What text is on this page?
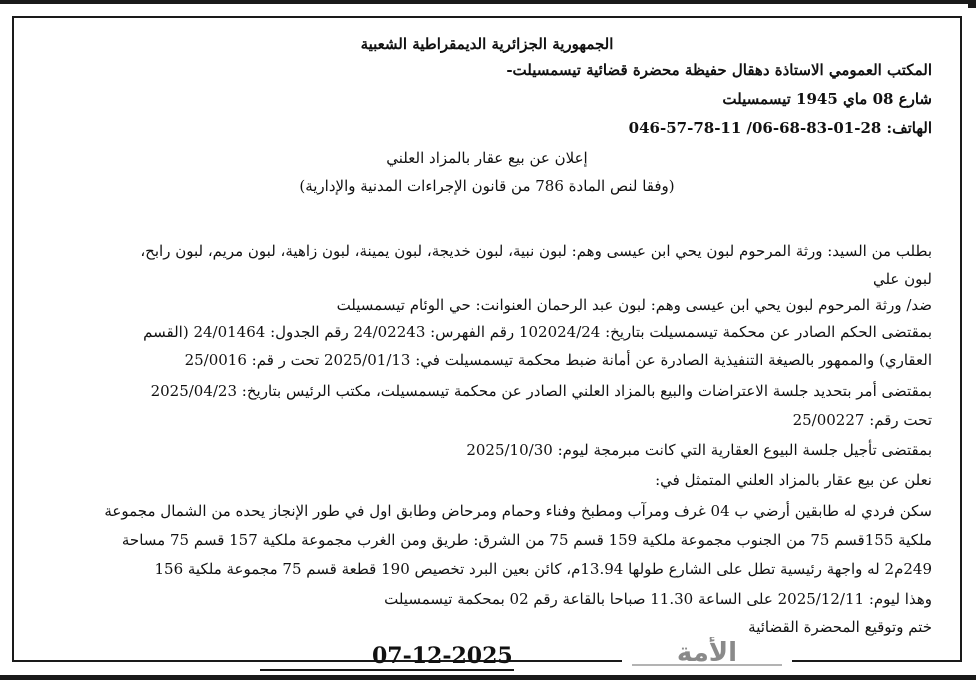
الجمهورية الجزائرية الديمقراطية الشعبية
المكتب العمومي الاستاذة دهقال حفيظة محضرة قضائية تيسمسيلت-
شارع 08 ماي 1945 تيسمسيلت
الهاتف: 28-01-83-68-06/ 11-78-57-046
إعلان عن بيع عقار بالمزاد العلني
(وفقا لنص المادة 786 من قانون الإجراءات المدنية والإدارية)
بطلب من السيد: ورثة المرحوم لبون يحي ابن عيسى وهم: لبون نبية، لبون خديجة، لبون يمينة، لبون زاهية، لبون مريم، لبون رابح،
لبون علي
ضد/ ورثة المرحوم لبون يحي ابن عيسى وهم: لبون عبد الرحمان العنوانت: حي الوئام تيسمسيلت
بمقتضى الحكم الصادر عن محكمة تيسمسيلت بتاريخ: 102024/24 رقم الفهرس: 24/02243 رقم الجدول: 24/01464 (القسم
العقاري) والممهور بالصيغة التنفيذية الصادرة عن أمانة ضبط محكمة تيسمسيلت في: 2025/01/13 تحت ر قم: 25/0016
بمقتضى أمر بتحديد جلسة الاعتراضات والبيع بالمزاد العلني الصادر عن محكمة تيسمسيلت، مكتب الرئيس بتاريخ: 2025/04/23
تحت رقم: 25/00227
بمقتضى تأجيل جلسة البيوع العقارية التي كانت مبرمجة ليوم: 2025/10/30
نعلن عن بيع عقار بالمزاد العلني المتمثل في:
سكن فردي له طابقين أرضي ب 04 غرف ومرآب ومطبخ وفناء وحمام ومرحاض وطابق اول في طور الإنجاز يحده من الشمال مجموعة
ملكية 155قسم 75 من الجنوب مجموعة ملكية 159 قسم 75 من الشرق: طريق ومن الغرب مجموعة ملكية 157 قسم 75 مساحة
249م2 له واجهة رئيسية تطل على الشارع طولها 13.94م، كائن بعين البرد تخصيص 190 قطعة قسم 75 مجموعة ملكية 156
وهذا ليوم: 2025/12/11 على الساعة 11.30 صباحا بالقاعة رقم 02 بمحكمة تيسمسيلت
ختم وتوقيع المحضرة القضائية
الأمة
07-12-2025
